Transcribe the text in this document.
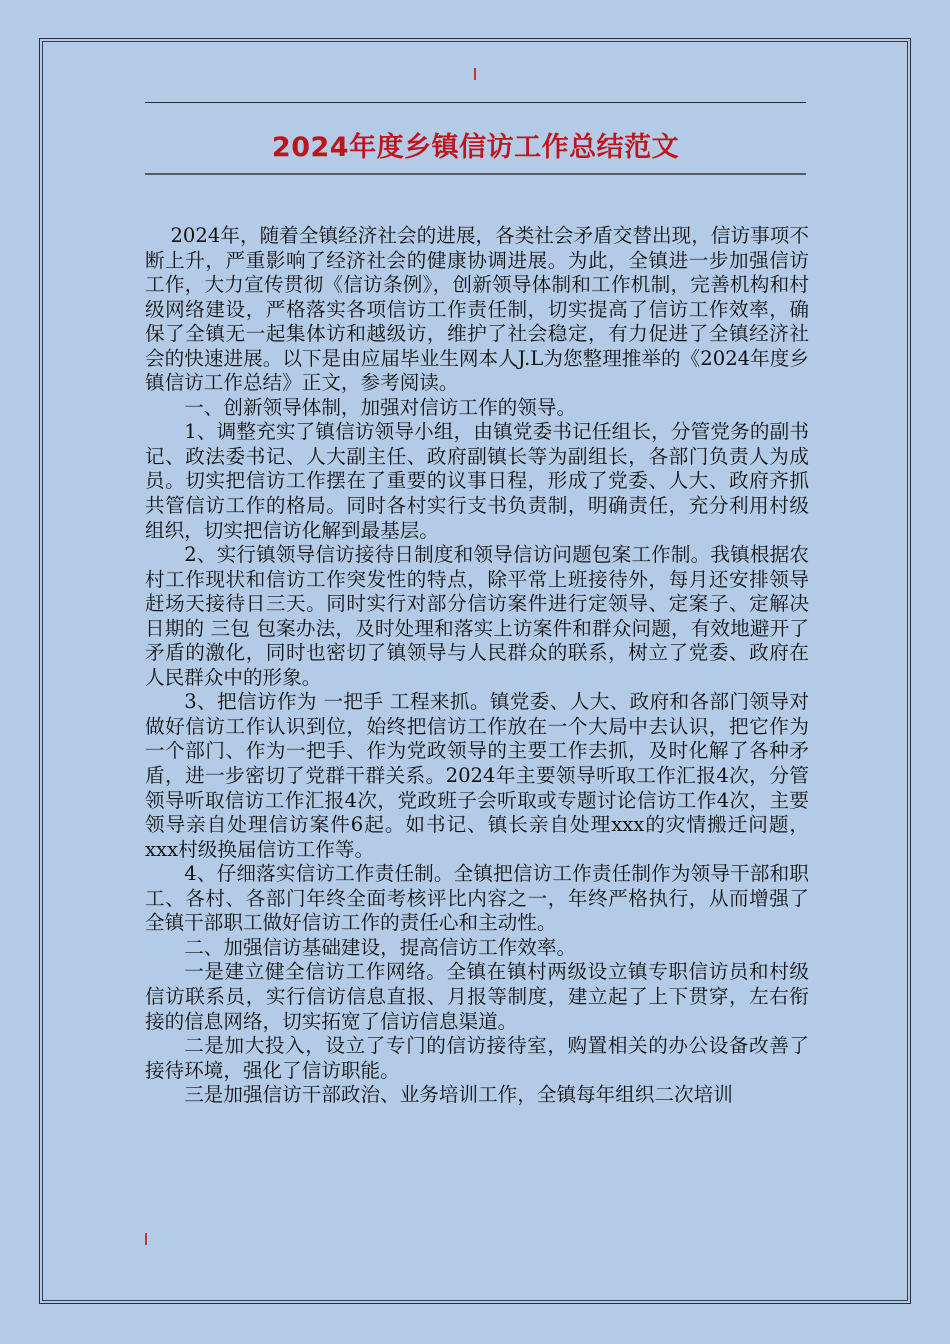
2024年度乡镇信访工作总结范文

2024年，随着全镇经济社会的进展，各类社会矛盾交替出现，信访事项不断上升，严重影响了经济社会的健康协调进展。为此，全镇进一步加强信访工作，大力宣传贯彻《信访条例》，创新领导体制和工作机制，完善机构和村级网络建设，严格落实各项信访工作责任制，切实提高了信访工作效率，确保了全镇无一起集体访和越级访，维护了社会稳定，有力促进了全镇经济社会的快速进展。以下是由应届毕业生网本人J.L为您整理推举的《2024年度乡镇信访工作总结》正文，参考阅读。

一、创新领导体制，加强对信访工作的领导。

1、调整充实了镇信访领导小组，由镇党委书记任组长，分管党务的副书记、政法委书记、人大副主任、政府副镇长等为副组长，各部门负责人为成员。切实把信访工作摆在了重要的议事日程，形成了党委、人大、政府齐抓共管信访工作的格局。同时各村实行支书负责制，明确责任，充分利用村级组织，切实把信访化解到最基层。

2、实行镇领导信访接待日制度和领导信访问题包案工作制。我镇根据农村工作现状和信访工作突发性的特点，除平常上班接待外，每月还安排领导赶场天接待日三天。同时实行对部分信访案件进行定领导、定案子、定解决日期的 三包 包案办法，及时处理和落实上访案件和群众问题，有效地避开了矛盾的激化，同时也密切了镇领导与人民群众的联系，树立了党委、政府在人民群众中的形象。

3、把信访作为 一把手 工程来抓。镇党委、人大、政府和各部门领导对做好信访工作认识到位，始终把信访工作放在一个大局中去认识，把它作为一个部门、作为一把手、作为党政领导的主要工作去抓，及时化解了各种矛盾，进一步密切了党群干群关系。2024年主要领导听取工作汇报4次，分管领导听取信访工作汇报4次，党政班子会听取或专题讨论信访工作4次，主要领导亲自处理信访案件6起。如书记、镇长亲自处理xxx的灾情搬迁问题，xxx村级换届信访工作等。

4、仔细落实信访工作责任制。全镇把信访工作责任制作为领导干部和职工、各村、各部门年终全面考核评比内容之一，年终严格执行，从而增强了全镇干部职工做好信访工作的责任心和主动性。

二、加强信访基础建设，提高信访工作效率。

一是建立健全信访工作网络。全镇在镇村两级设立镇专职信访员和村级信访联系员，实行信访信息直报、月报等制度，建立起了上下贯穿，左右衔接的信息网络，切实拓宽了信访信息渠道。

二是加大投入，设立了专门的信访接待室，购置相关的办公设备改善了接待环境，强化了信访职能。

三是加强信访干部政治、业务培训工作，全镇每年组织二次培训
